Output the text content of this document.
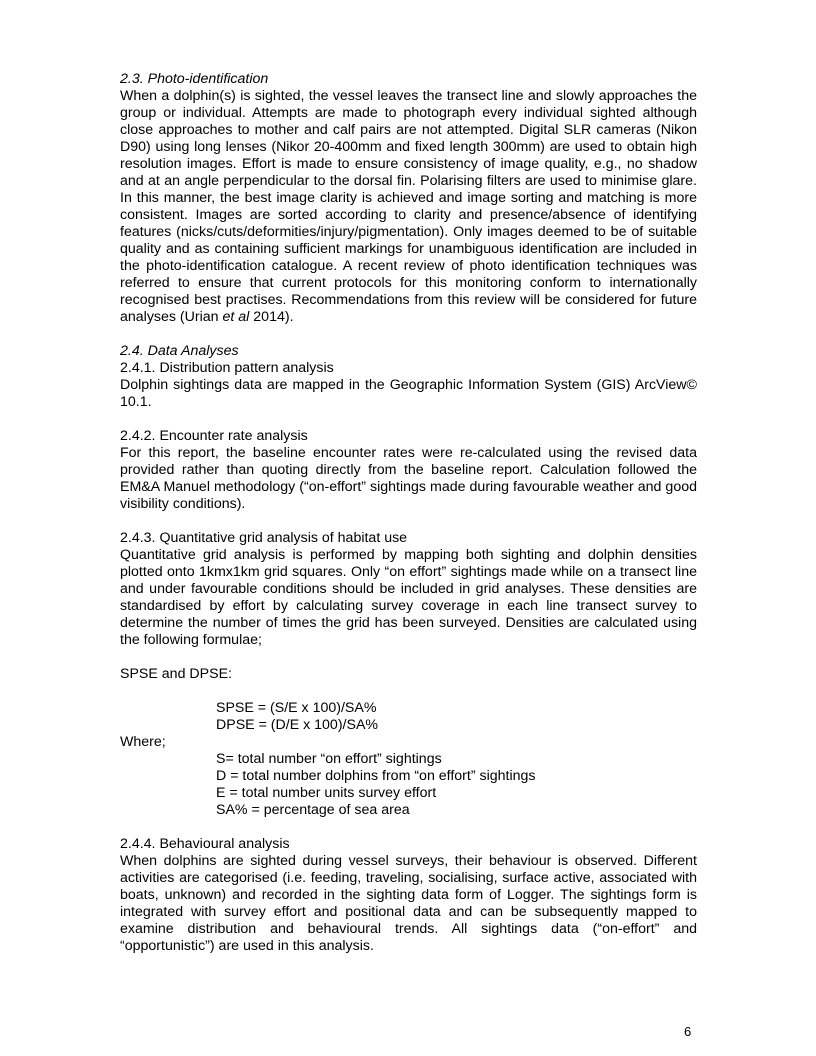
2.3. Photo-identification

When a dolphin(s) is sighted, the vessel leaves the transect line and slowly approaches the group or individual. Attempts are made to photograph every individual sighted although close approaches to mother and calf pairs are not attempted. Digital SLR cameras (Nikon D90) using long lenses (Nikor 20-400mm and fixed length 300mm) are used to obtain high resolution images. Effort is made to ensure consistency of image quality, e.g., no shadow and at an angle perpendicular to the dorsal fin. Polarising filters are used to minimise glare. In this manner, the best image clarity is achieved and image sorting and matching is more consistent. Images are sorted according to clarity and presence/absence of identifying features (nicks/cuts/deformities/injury/pigmentation). Only images deemed to be of suitable quality and as containing sufficient markings for unambiguous identification are included in the photo-identification catalogue. A recent review of photo identification techniques was referred to ensure that current protocols for this monitoring conform to internationally recognised best practises. Recommendations from this review will be considered for future analyses (Urian et al 2014).

2.4. Data Analyses

2.4.1. Distribution pattern analysis

Dolphin sightings data are mapped in the Geographic Information System (GIS) ArcView© 10.1.

2.4.2. Encounter rate analysis

For this report, the baseline encounter rates were re-calculated using the revised data provided rather than quoting directly from the baseline report. Calculation followed the EM&A Manuel methodology (“on-effort” sightings made during favourable weather and good visibility conditions).

2.4.3. Quantitative grid analysis of habitat use

Quantitative grid analysis is performed by mapping both sighting and dolphin densities plotted onto 1kmx1km grid squares. Only “on effort” sightings made while on a transect line and under favourable conditions should be included in grid analyses. These densities are standardised by effort by calculating survey coverage in each line transect survey to determine the number of times the grid has been surveyed. Densities are calculated using the following formulae;

SPSE and DPSE:

SPSE = (S/E x 100)/SA%

DPSE = (D/E x 100)/SA%

Where;

S= total number “on effort” sightings

D = total number dolphins from “on effort” sightings

E = total number units survey effort

SA% = percentage of sea area

2.4.4. Behavioural analysis

When dolphins are sighted during vessel surveys, their behaviour is observed. Different activities are categorised (i.e. feeding, traveling, socialising, surface active, associated with boats, unknown) and recorded in the sighting data form of Logger. The sightings form is integrated with survey effort and positional data and can be subsequently mapped to examine distribution and behavioural trends. All sightings data (“on-effort” and “opportunistic”) are used in this analysis.

6
